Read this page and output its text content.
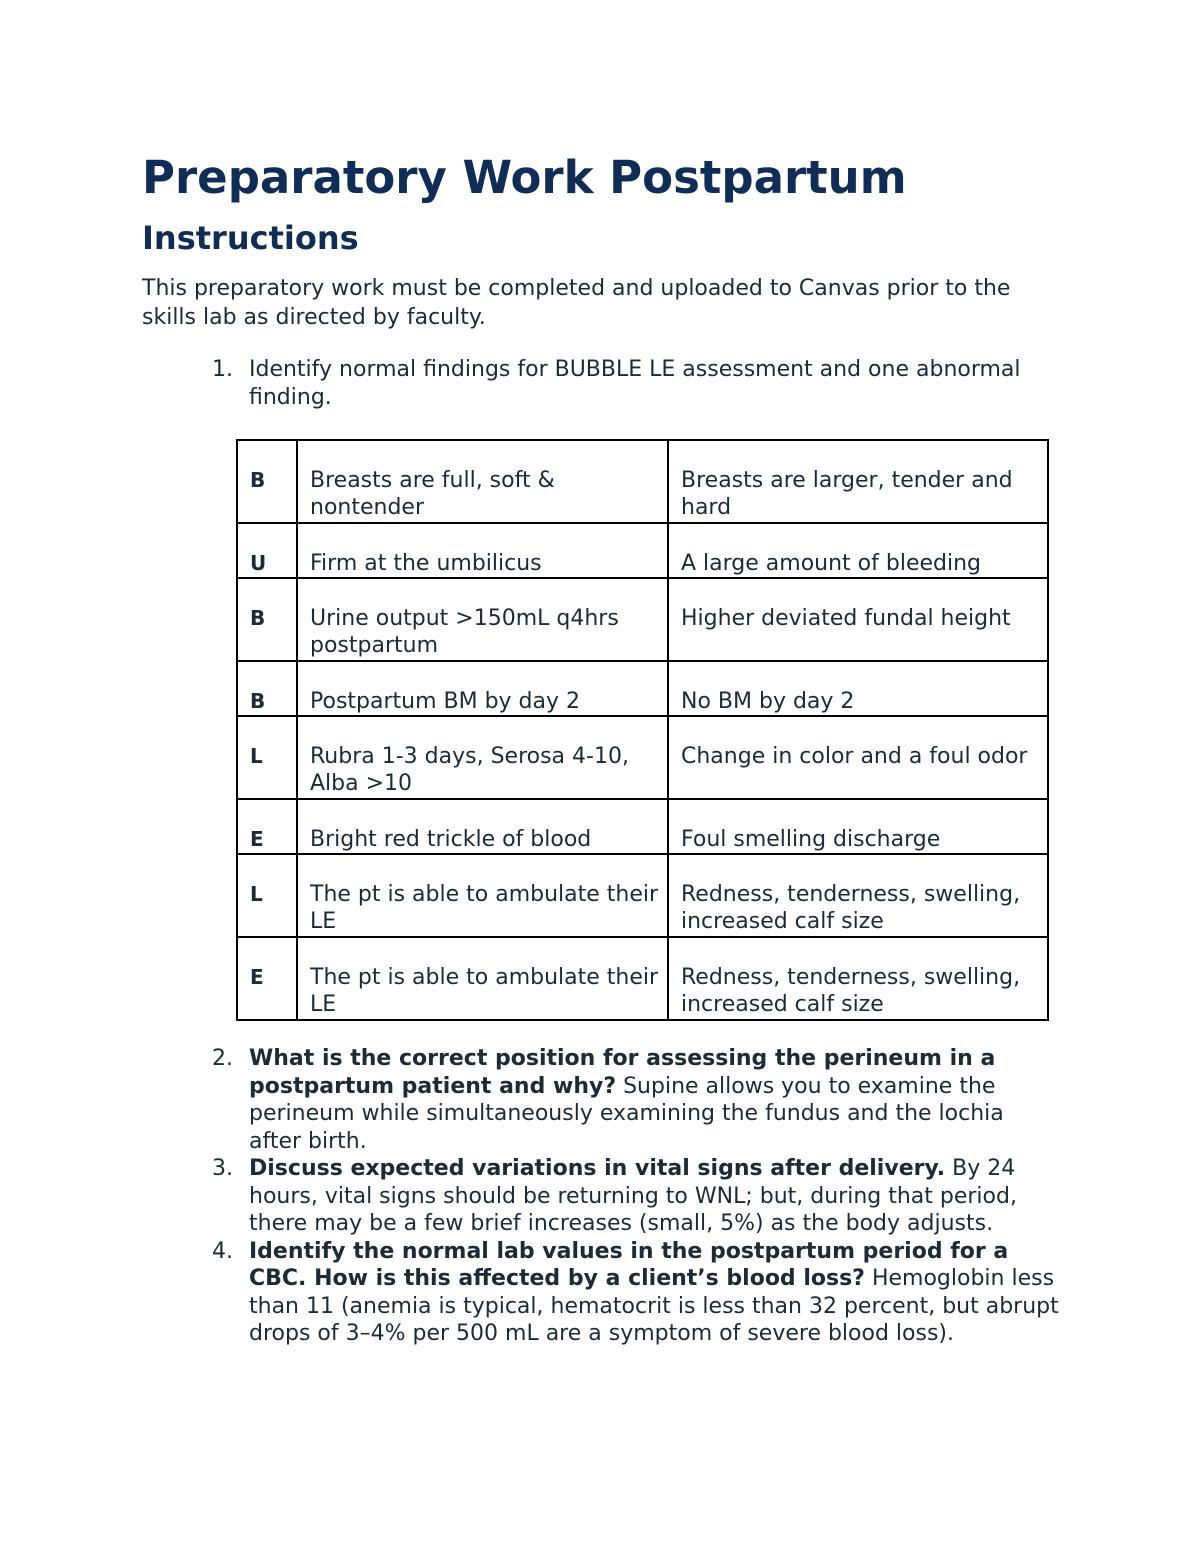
Preparatory Work Postpartum
Instructions

This preparatory work must be completed and uploaded to Canvas prior to the skills lab as directed by faculty.

1. Identify normal findings for BUBBLE LE assessment and one abnormal finding.
B	Breasts are full, soft & nontender	Breasts are larger, tender and hard
U	Firm at the umbilicus	A large amount of bleeding
B	Urine output >150mL q4hrs postpartum	Higher deviated fundal height
B	Postpartum BM by day 2	No BM by day 2
L	Rubra 1-3 days, Serosa 4-10, Alba >10	Change in color and a foul odor
E	Bright red trickle of blood	Foul smelling discharge
L	The pt is able to ambulate their LE	Redness, tenderness, swelling, increased calf size
E	The pt is able to ambulate their LE	Redness, tenderness, swelling, increased calf size
2. What is the correct position for assessing the perineum in a postpartum patient and why? Supine allows you to examine the perineum while simultaneously examining the fundus and the lochia after birth.
3. Discuss expected variations in vital signs after delivery. By 24 hours, vital signs should be returning to WNL; but, during that period, there may be a few brief increases (small, 5%) as the body adjusts.
4. Identify the normal lab values in the postpartum period for a CBC. How is this affected by a client’s blood loss? Hemoglobin less than 11 (anemia is typical, hematocrit is less than 32 percent, but abrupt drops of 3–4% per 500 mL are a symptom of severe blood loss).
